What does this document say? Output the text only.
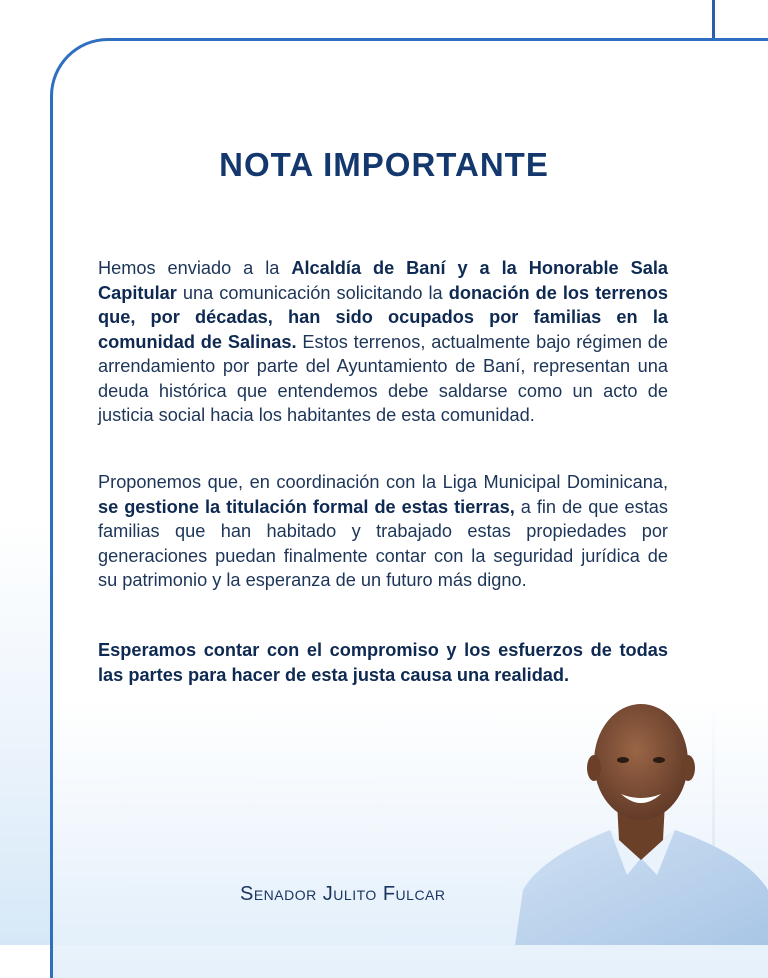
NOTA IMPORTANTE

Hemos enviado a la Alcaldía de Baní y a la Honorable Sala Capitular una comunicación solicitando la donación de los terrenos que, por décadas, han sido ocupados por familias en la comunidad de Salinas. Estos terrenos, actualmente bajo régimen de arrendamiento por parte del Ayuntamiento de Baní, representan una deuda histórica que entendemos debe saldarse como un acto de justicia social hacia los habitantes de esta comunidad.

Proponemos que, en coordinación con la Liga Municipal Dominicana, se gestione la titulación formal de estas tierras, a fin de que estas familias que han habitado y trabajado estas propiedades por generaciones puedan finalmente contar con la seguridad jurídica de su patrimonio y la esperanza de un futuro más digno.

Esperamos contar con el compromiso y los esfuerzos de todas las partes para hacer de esta justa causa una realidad.

Senador Julito Fulcar
